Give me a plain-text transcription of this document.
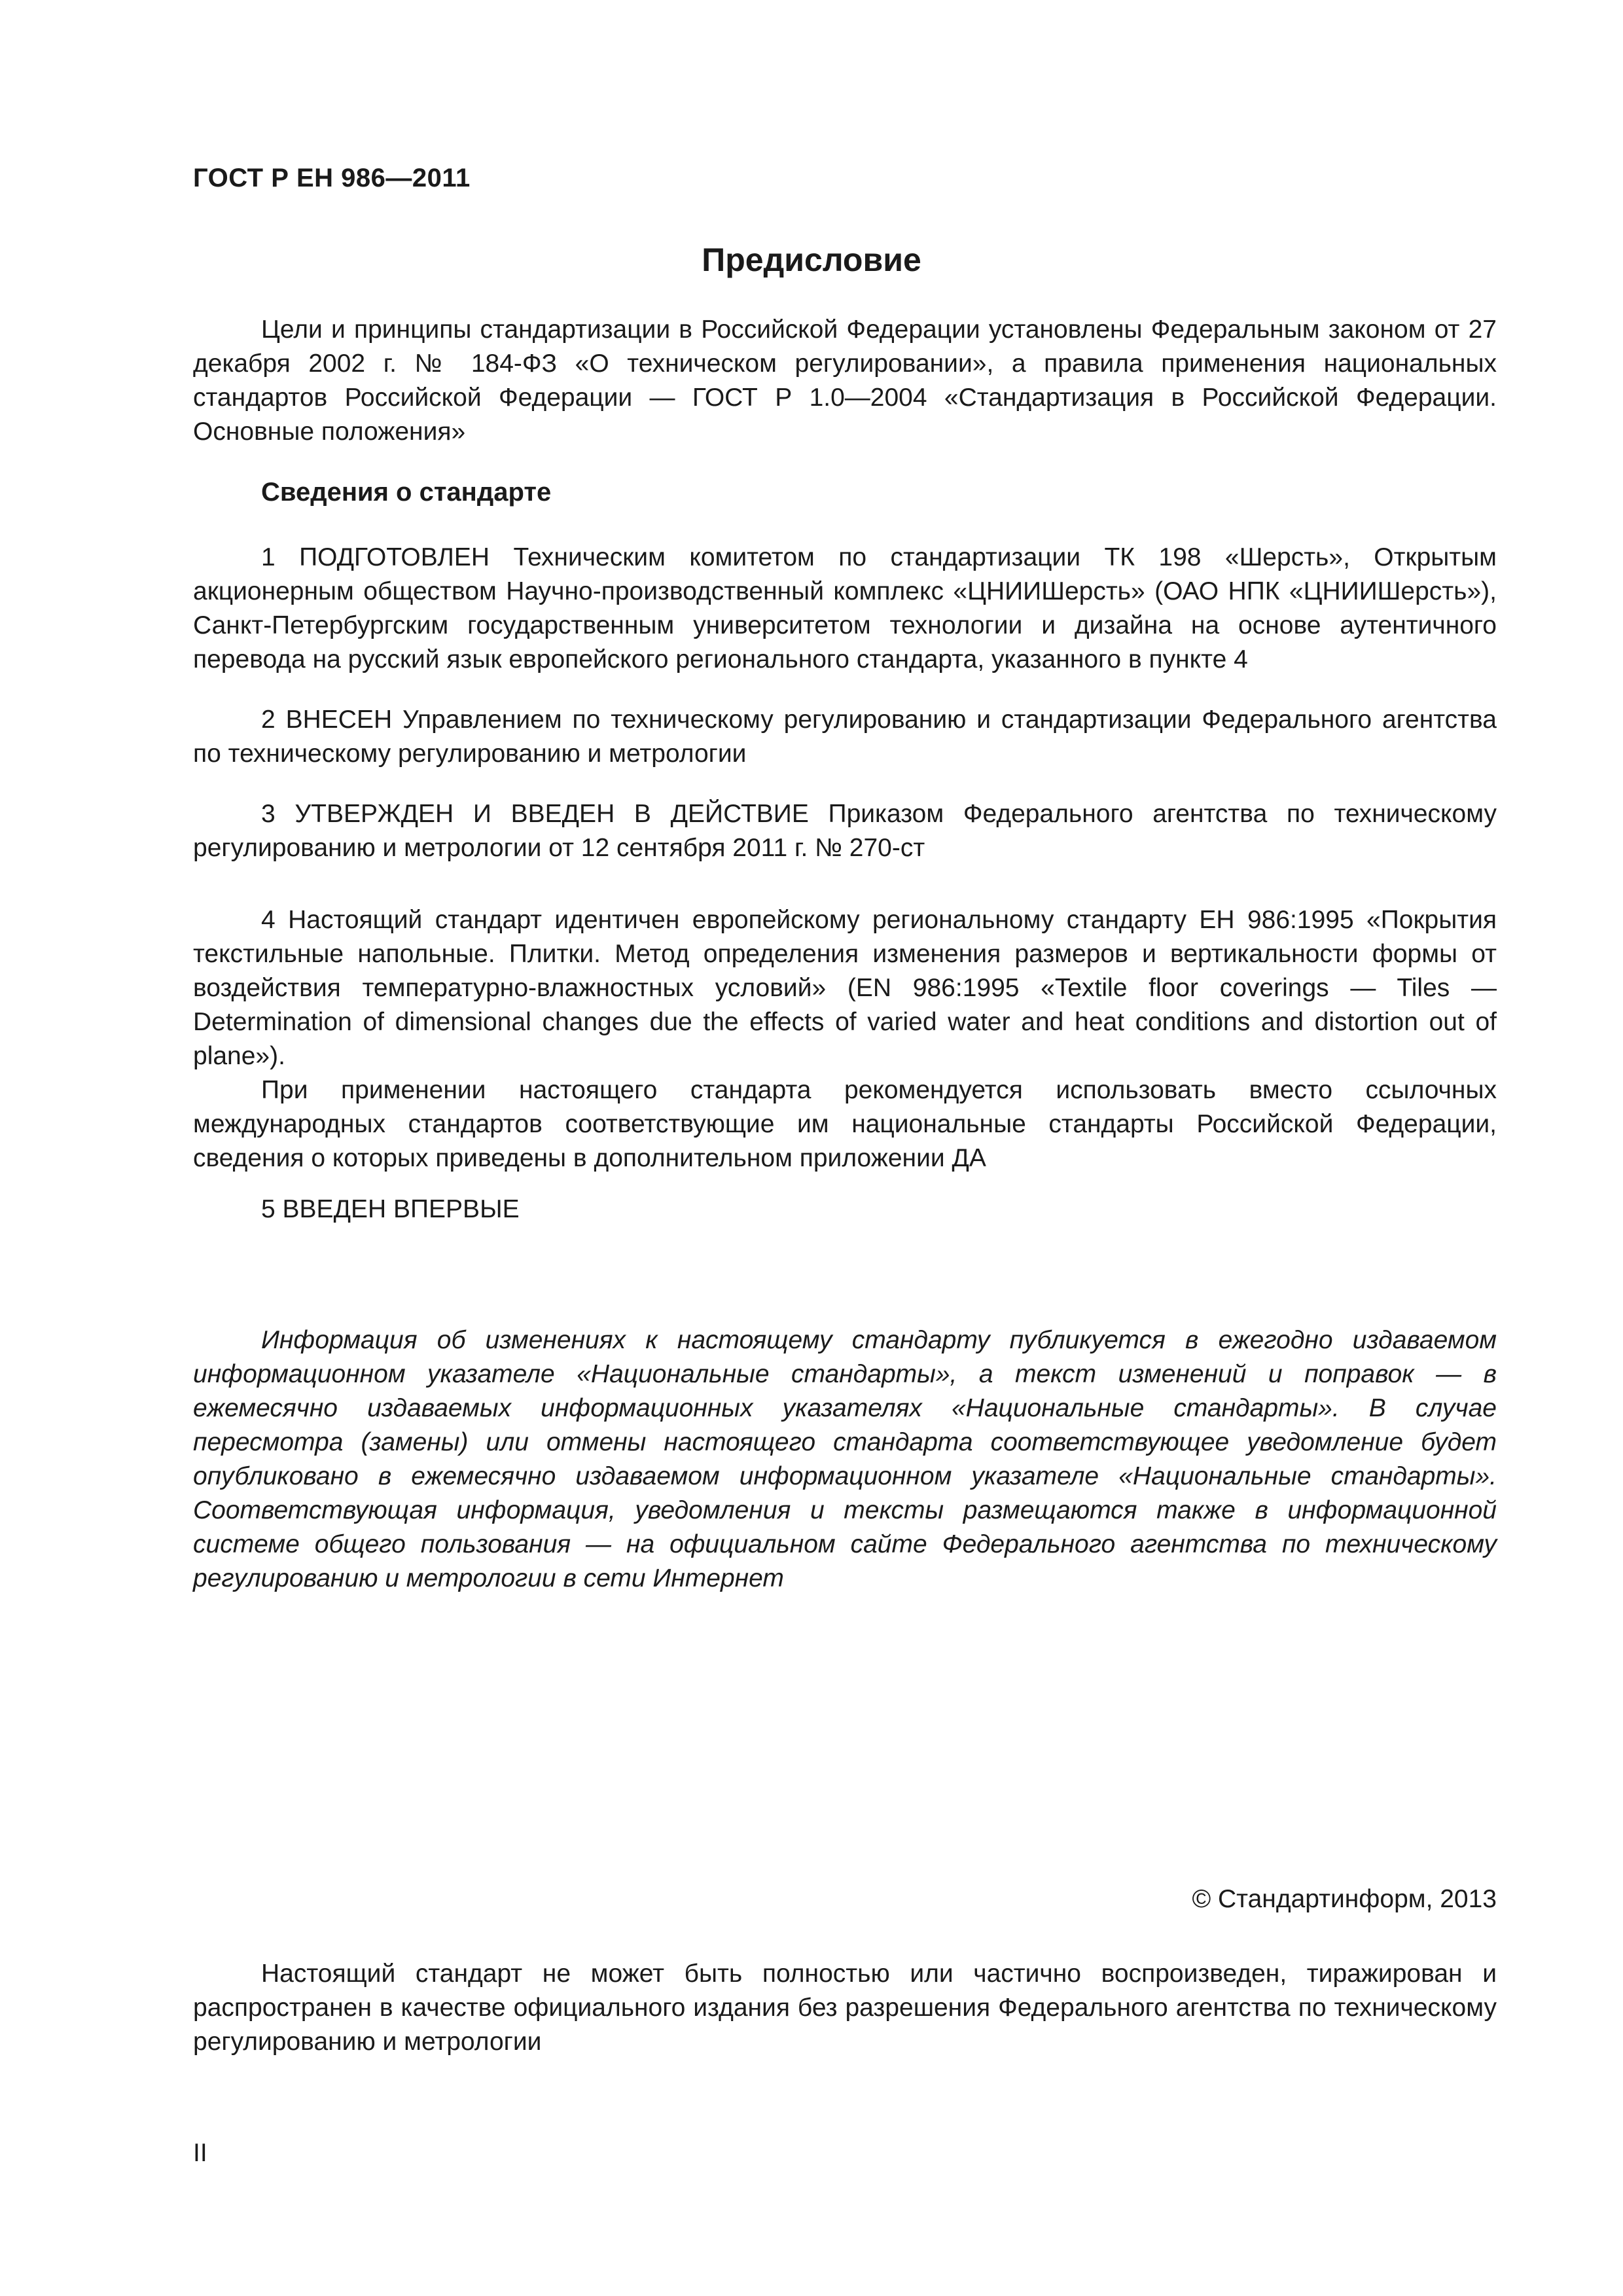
ГОСТ Р ЕН 986—2011
Предисловие

Цели и принципы стандартизации в Российской Федерации установлены Федеральным законом от 27 декабря 2002 г. № 184-ФЗ «О техническом регулировании», а правила применения национальных стандартов Российской Федерации — ГОСТ Р 1.0—2004 «Стандартизация в Российской Федерации. Основные положения»

Сведения о стандарте

1 ПОДГОТОВЛЕН Техническим комитетом по стандартизации ТК 198 «Шерсть», Открытым акционерным обществом Научно-производственный комплекс «ЦНИИШерсть» (ОАО НПК «ЦНИИШерсть»), Санкт-Петербургским государственным университетом технологии и дизайна на основе аутентичного перевода на русский язык европейского регионального стандарта, указанного в пункте 4

2 ВНЕСЕН Управлением по техническому регулированию и стандартизации Федерального агентства по техническому регулированию и метрологии

3 УТВЕРЖДЕН И ВВЕДЕН В ДЕЙСТВИЕ Приказом Федерального агентства по техническому регулированию и метрологии от 12 сентября 2011 г. № 270-ст

4 Настоящий стандарт идентичен европейскому региональному стандарту ЕН 986:1995 «Покрытия текстильные напольные. Плитки. Метод определения изменения размеров и вертикальности формы от воздействия температурно-влажностных условий» (EN 986:1995 «Textile floor coverings — Tiles — Determination of dimensional changes due the effects of varied water and heat conditions and distortion out of plane»).

При применении настоящего стандарта рекомендуется использовать вместо ссылочных международных стандартов соответствующие им национальные стандарты Российской Федерации, сведения о которых приведены в дополнительном приложении ДА

5 ВВЕДЕН ВПЕРВЫЕ

Информация об изменениях к настоящему стандарту публикуется в ежегодно издаваемом информационном указателе «Национальные стандарты», а текст изменений и поправок — в ежемесячно издаваемых информационных указателях «Национальные стандарты». В случае пересмотра (замены) или отмены настоящего стандарта соответствующее уведомление будет опубликовано в ежемесячно издаваемом информационном указателе «Национальные стандарты». Соответствующая информация, уведомления и тексты размещаются также в информационной системе общего пользования — на официальном сайте Федерального агентства по техническому регулированию и метрологии в сети Интернет

© Стандартинформ, 2013

Настоящий стандарт не может быть полностью или частично воспроизведен, тиражирован и распространен в качестве официального издания без разрешения Федерального агентства по техническому регулированию и метрологии

II
